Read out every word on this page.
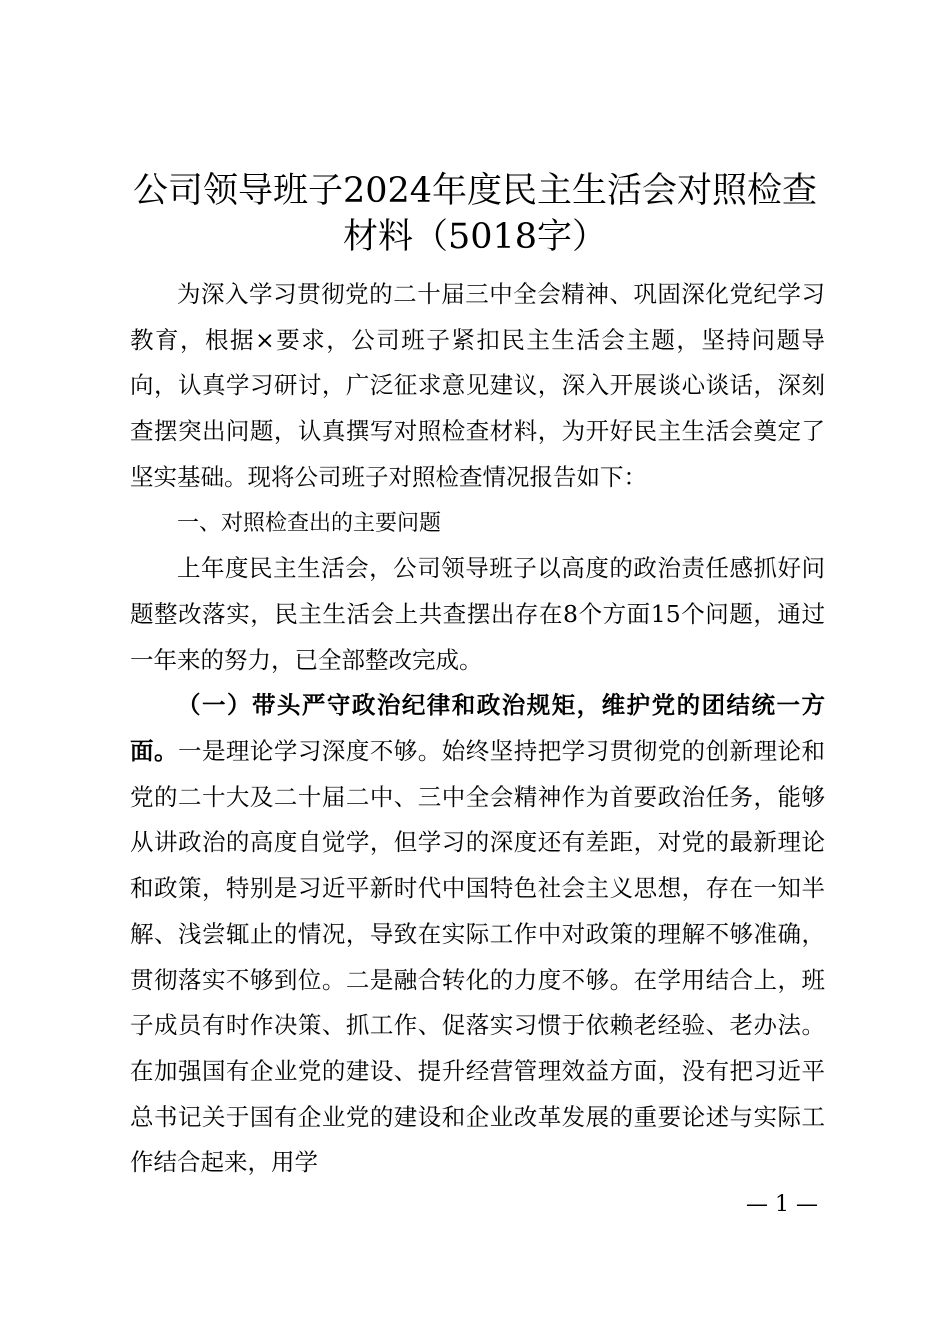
公司领导班子2024年度民主生活会对照检查
材料（5018字）

为深入学习贯彻党的二十届三中全会精神、巩固深化党纪学习教育，根据×要求，公司班子紧扣民主生活会主题，坚持问题导向，认真学习研讨，广泛征求意见建议，深入开展谈心谈话，深刻查摆突出问题，认真撰写对照检查材料，为开好民主生活会奠定了坚实基础。现将公司班子对照检查情况报告如下：

一、对照检查出的主要问题

上年度民主生活会，公司领导班子以高度的政治责任感抓好问题整改落实，民主生活会上共查摆出存在8个方面15个问题，通过一年来的努力，已全部整改完成。

（一）带头严守政治纪律和政治规矩，维护党的团结统一方面。一是理论学习深度不够。始终坚持把学习贯彻党的创新理论和党的二十大及二十届二中、三中全会精神作为首要政治任务，能够从讲政治的高度自觉学，但学习的深度还有差距，对党的最新理论和政策，特别是习近平新时代中国特色社会主义思想，存在一知半解、浅尝辄止的情况，导致在实际工作中对政策的理解不够准确，贯彻落实不够到位。二是融合转化的力度不够。在学用结合上，班子成员有时作决策、抓工作、促落实习惯于依赖老经验、老办法。在加强国有企业党的建设、提升经营管理效益方面，没有把习近平总书记关于国有企业党的建设和企业改革发展的重要论述与实际工作结合起来，用学

— 1 —
